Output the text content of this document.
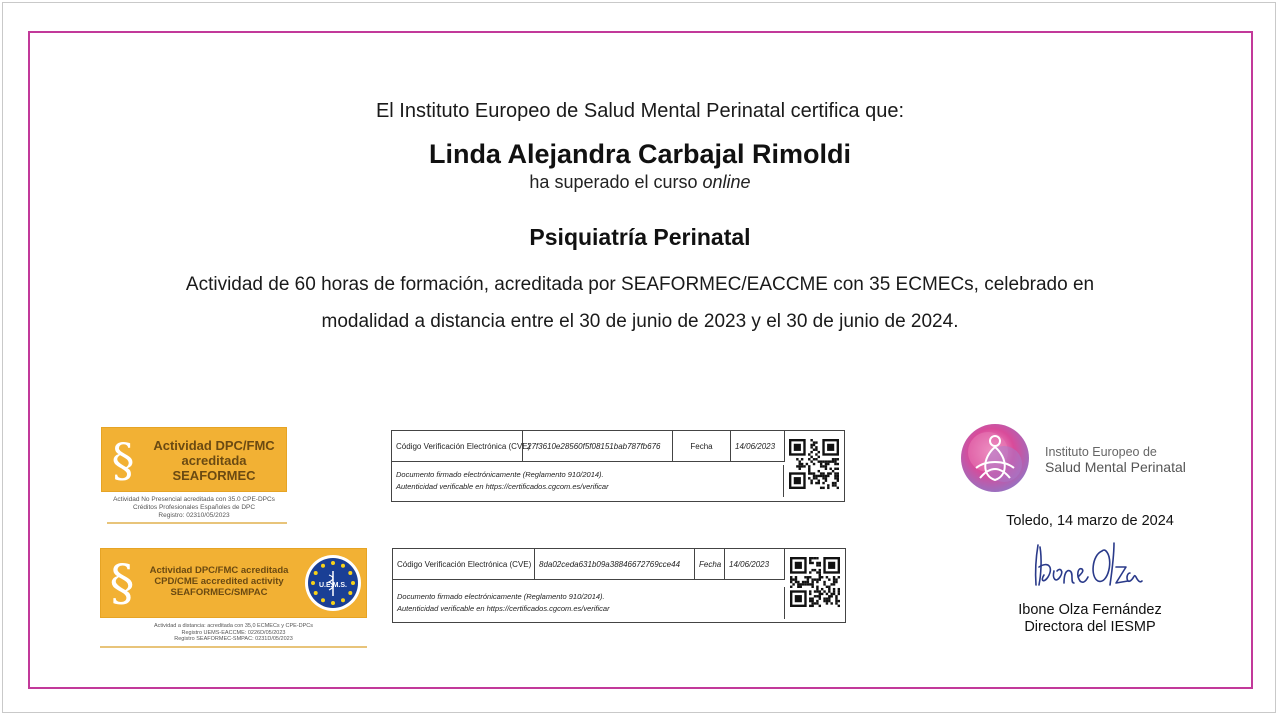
El Instituto Europeo de Salud Mental Perinatal certifica que:
Linda Alejandra Carbajal Rimoldi
ha superado el curso online
Psiquiatría Perinatal
Actividad de 60 horas de formación, acreditada por SEAFORMEC/EACCME con 35 ECMECs, celebrado en
modalidad a distancia entre el 30 de junio de 2023 y el 30 de junio de 2024.
§	Actividad DPC/FMC
acreditada
SEAFORMEC
Actividad No Presencial acreditada con 35.0 CPE-DPCs
Créditos Profesionales Españoles de DPC
Registro: 02310/05/2023
§	Actividad DPC/FMC acreditada
CPD/CME accredited activity
SEAFORMEC/SMPAC
U.E.M.S.
Actividad a distancia: acreditada con 35,0 ECMECs y CPE-DPCs
Registro UEMS-EACCME: 0226D/05/2023
Registro SEAFORMEC-SMPAC: 0231D/05/2023
Código Verificación Electrónica (CVE)
27f3610e28560f5f08151bab787fb676	Fecha	14/06/2023
Documento firmado electrónicamente (Reglamento 910/2014).
Autenticidad verificable en https://certificados.cgcom.es/verificar
Código Verificación Electrónica (CVE) 8da02ceda631b09a38846672769cce44	Fecha 14/06/2023
Documento firmado electrónicamente (Reglamento 910/2014).
Autenticidad verificable en https://certificados.cgcom.es/verificar
Instituto Europeo de
Salud Mental Perinatal
Toledo, 14 marzo de 2024
Ibone Olza Fernández
Directora del IESMP
